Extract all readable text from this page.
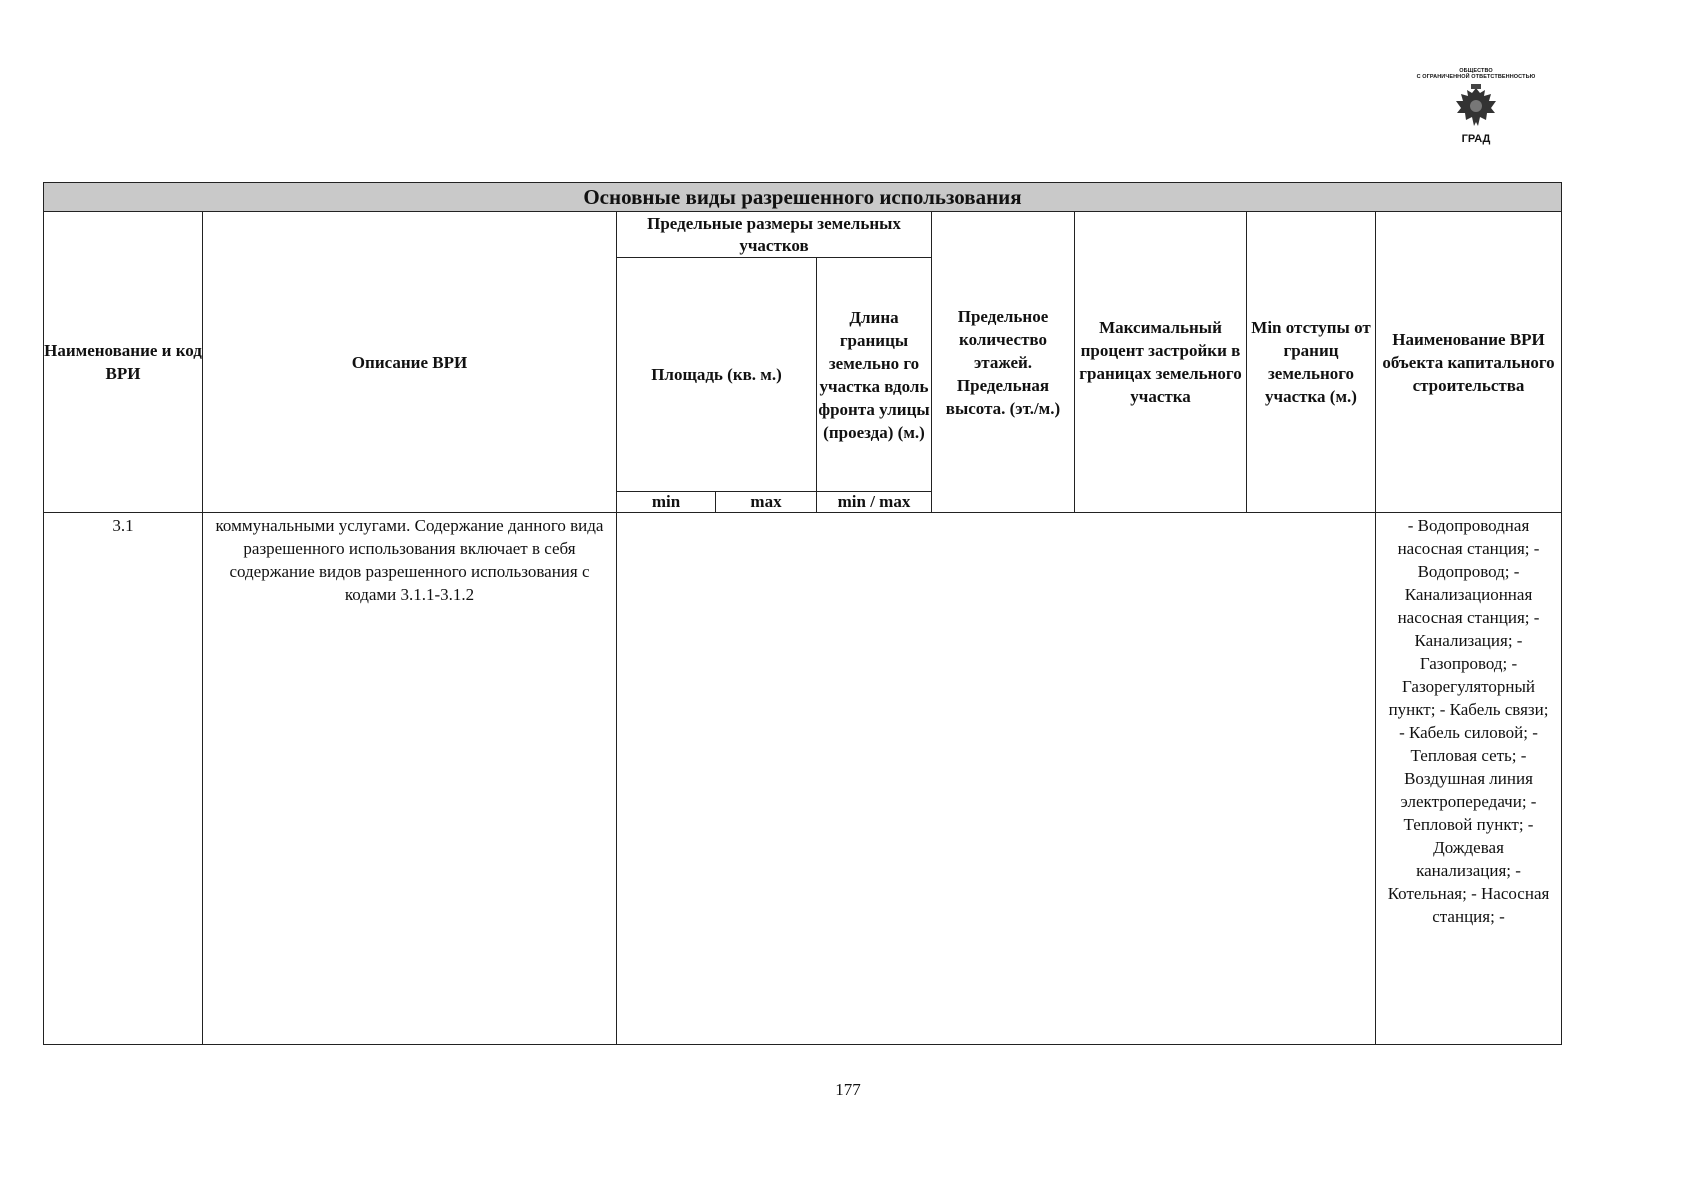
ОБЩЕСТВО
С ОГРАНИЧЕННОЙ ОТВЕТСТВЕННОСТЬЮ
ГРАД
Основные виды разрешенного использования								
Наименование и код ВРИ	Описание ВРИ	Предельные размеры земельных участков			Предельное количество этажей. Предельная высота. (эт./м.)	Максимальный процент застройки в границах земельного участка	Min отступы от границ земельного участка (м.)	Наименование ВРИ объекта капитального строительства
		Площадь (кв. м.)		Длина границы земельно го участка вдоль фронта улицы (проезда) (м.)				
		min	max	min / max				

3.1	коммунальными услугами. Содержание данного вида разрешенного использования включает в себя содержание видов разрешенного использования с кодами 3.1.1-3.1.2							- Водопроводная насосная станция; - Водопровод; - Канализационная насосная станция; - Канализация; - Газопровод; - Газорегуляторный пункт; - Кабель связи; - Кабель силовой; - Тепловая сеть; - Воздушная линия электропередачи; - Тепловой пункт; - Дождевая канализация; - Котельная; - Насосная станция; -
177
